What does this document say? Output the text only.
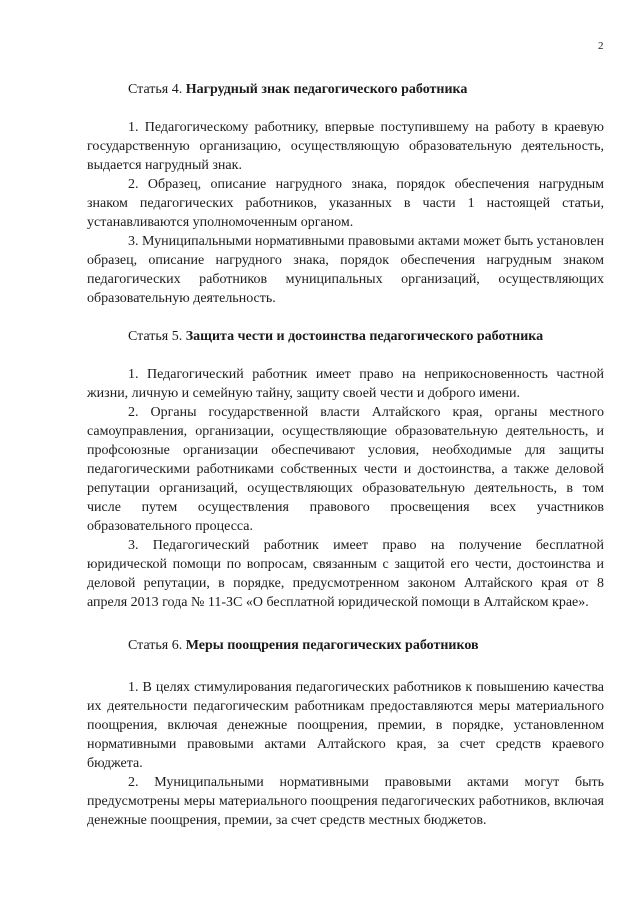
2

Статья 4. Нагрудный знак педагогического работника

1. Педагогическому работнику, впервые поступившему на работу в краевую государственную организацию, осуществляющую образовательную деятельность, выдается нагрудный знак.

2. Образец, описание нагрудного знака, порядок обеспечения нагрудным знаком педагогических работников, указанных в части 1 настоящей статьи, устанавливаются уполномоченным органом.

3. Муниципальными нормативными правовыми актами может быть установлен образец, описание нагрудного знака, порядок обеспечения нагрудным знаком педагогических работников муниципальных организаций, осуществляющих образовательную деятельность.

Статья 5. Защита чести и достоинства педагогического работника

1. Педагогический работник имеет право на неприкосновенность частной жизни, личную и семейную тайну, защиту своей чести и доброго имени.

2. Органы государственной власти Алтайского края, органы местного самоуправления, организации, осуществляющие образовательную деятельность, и профсоюзные организации обеспечивают условия, необходимые для защиты педагогическими работниками собственных чести и достоинства, а также деловой репутации организаций, осуществляющих образовательную деятельность, в том числе путем осуществления правового просвещения всех участников образовательного процесса.

3. Педагогический работник имеет право на получение бесплатной юридической помощи по вопросам, связанным с защитой его чести, достоинства и деловой репутации, в порядке, предусмотренном законом Алтайского края от 8 апреля 2013 года № 11-ЗС «О бесплатной юридической помощи в Алтайском крае».

Статья 6. Меры поощрения педагогических работников

1. В целях стимулирования педагогических работников к повышению качества их деятельности педагогическим работникам предоставляются меры материального поощрения, включая денежные поощрения, премии, в порядке, установленном нормативными правовыми актами Алтайского края, за счет средств краевого бюджета.

2. Муниципальными нормативными правовыми актами могут быть предусмотрены меры материального поощрения педагогических работников, включая денежные поощрения, премии, за счет средств местных бюджетов.
